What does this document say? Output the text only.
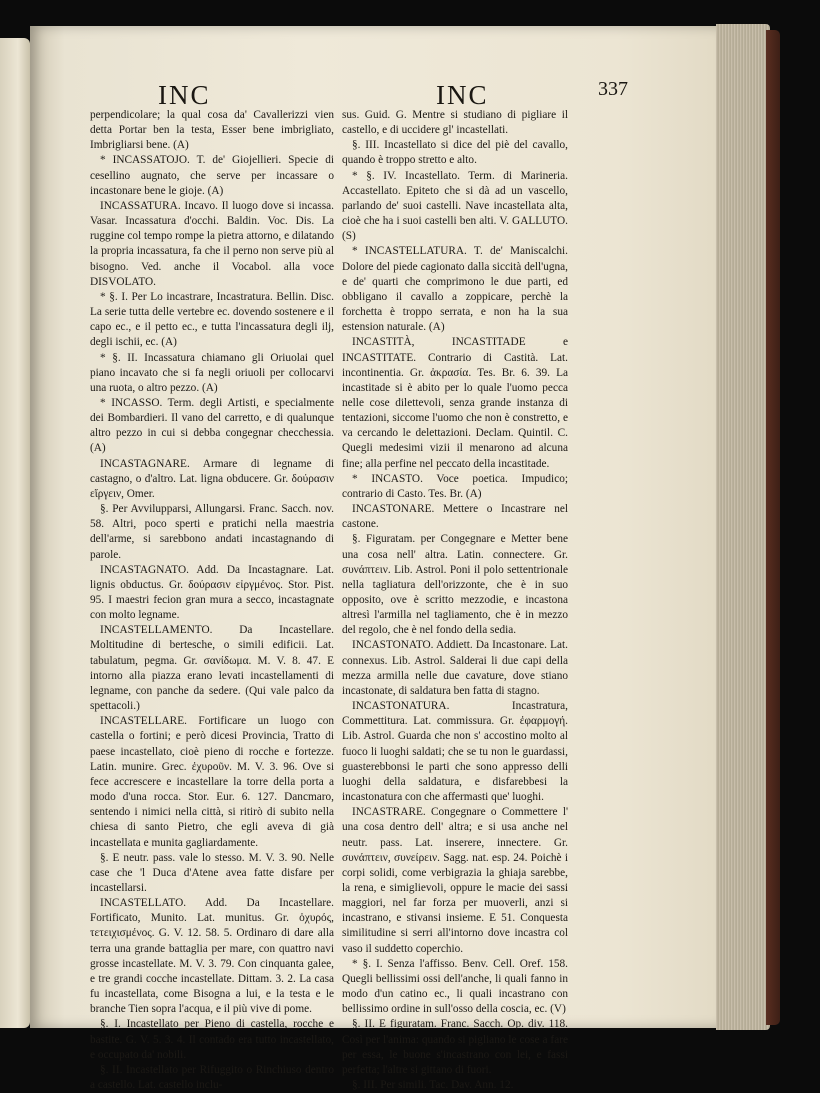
INC	INC	337

perpendicolare; la qual cosa da' Cavallerizzi vien detta Portar ben la testa, Esser bene imbrigliato, Imbrigliarsi bene. (A)

* INCASSATOJO. T. de' Giojellieri. Specie di cesellino augnato, che serve per incassare o incastonare bene le gioje. (A)

INCASSATURA. Incavo. Il luogo dove si incassa. Vasar. Incassatura d'occhi. Baldin. Voc. Dis. La ruggine col tempo rompe la pietra attorno, e dilatando la propria incassatura, fa che il perno non serve più al bisogno. Ved. anche il Vocabol. alla voce DISVOLATO.

* §. I. Per Lo incastrare, Incastratura. Bellin. Disc. La serie tutta delle vertebre ec. dovendo sostenere e il capo ec., e il petto ec., e tutta l'incassatura degli ilj, degli ischii, ec. (A)

* §. II. Incassatura chiamano gli Oriuolai quel piano incavato che si fa negli oriuoli per collocarvi una ruota, o altro pezzo. (A)

* INCASSO. Term. degli Artisti, e specialmente dei Bombardieri. Il vano del carretto, e di qualunque altro pezzo in cui si debba congegnar checchessia. (A)

INCASTAGNARE. Armare di legname di castagno, o d'altro. Lat. ligna obducere. Gr. δούρασιν εἴργειν, Omer.

§. Per Avvilupparsi, Allungarsi. Franc. Sacch. nov. 58. Altri, poco sperti e pratichi nella maestria dell'arme, si sarebbono andati incastagnando di parole.

INCASTAGNATO. Add. Da Incastagnare. Lat. lignis obductus. Gr. δούρασιν εἰργμένος. Stor. Pist. 95. I maestri fecion gran mura a secco, incastagnate con molto legname.

INCASTELLAMENTO. Da Incastellare. Moltitudine di bertesche, o simili edificii. Lat. tabulatum, pegma. Gr. σανίδωμα. M. V. 8. 47. E intorno alla piazza erano levati incastellamenti di legname, con panche da sedere. (Qui vale palco da spettacoli.)

INCASTELLARE. Fortificare un luogo con castella o fortini; e però dicesi Provincia, Tratto di paese incastellato, cioè pieno di rocche e fortezze. Latin. munire. Grec. ἐχυροῦν. M. V. 3. 96. Ove si fece accrescere e incastellare la torre della porta a modo d'una rocca. Stor. Eur. 6. 127. Dancmaro, sentendo i nimici nella città, si ritirò di subito nella chiesa di santo Pietro, che egli aveva di già incastellata e munita gagliardamente.

§. E neutr. pass. vale lo stesso. M. V. 3. 90. Nelle case che 'l Duca d'Atene avea fatte disfare per incastellarsi.

INCASTELLATO. Add. Da Incastellare. Fortificato, Munito. Lat. munitus. Gr. ὀχυρός, τετειχισμένος. G. V. 12. 58. 5. Ordinaro di dare alla terra una grande battaglia per mare, con quattro navi grosse incastellate. M. V. 3. 79. Con cinquanta galee, e tre grandi cocche incastellate. Dittam. 3. 2. La casa fu incastellata, come Bisogna a lui, e la testa e le branche Tien sopra l'acqua, e il più vive di pome.

§. I. Incastellato per Pieno di castella, rocche e bastite. G. V. 5. 3. 4. Il contado era tutto incastellato, e occupato da' nobili.

§. II. Incastellato per Rifuggito o Rinchiuso dentro a castello. Lat. castello inclu-

sus. Guid. G. Mentre si studiano di pigliare il castello, e di uccidere gl' incastellati.

§. III. Incastellato si dice del piè del cavallo, quando è troppo stretto e alto.

* §. IV. Incastellato. Term. di Marineria. Accastellato. Epiteto che si dà ad un vascello, parlando de' suoi castelli. Nave incastellata alta, cioè che ha i suoi castelli ben alti. V. GALLUTO. (S)

* INCASTELLATURA. T. de' Maniscalchi. Dolore del piede cagionato dalla siccità dell'ugna, e de' quarti che comprimono le due parti, ed obbligano il cavallo a zoppicare, perchè la forchetta è troppo serrata, e non ha la sua estension naturale. (A)

INCASTITÀ, INCASTITADE e INCASTITATE. Contrario di Castità. Lat. incontinentia. Gr. ἀκρασία. Tes. Br. 6. 39. La incastitade si è abito per lo quale l'uomo pecca nelle cose dilettevoli, senza grande instanza di tentazioni, siccome l'uomo che non è constretto, e va cercando le delettazioni. Declam. Quintil. C. Quegli medesimi vizii il menarono ad alcuna fine; alla perfine nel peccato della incastitade.

* INCASTO. Voce poetica. Impudico; contrario di Casto. Tes. Br. (A)

INCASTONARE. Mettere o Incastrare nel castone.

§. Figuratam. per Congegnare e Metter bene una cosa nell' altra. Latin. connectere. Gr. συνάπτειν. Lib. Astrol. Poni il polo settentrionale nella tagliatura dell'orizzonte, che è in suo opposito, ove è scritto mezzodie, e incastona altresì l'armilla nel tagliamento, che è in mezzo del regolo, che è nel fondo della sedia.

INCASTONATO. Addiett. Da Incastonare. Lat. connexus. Lib. Astrol. Salderai li due capi della mezza armilla nelle due cavature, dove stiano incastonate, di saldatura ben fatta di stagno.

INCASTONATURA. Incastratura, Commettitura. Lat. commissura. Gr. ἐφαρμογή. Lib. Astrol. Guarda che non s' accostino molto al fuoco li luoghi saldati; che se tu non le guardassi, guasterebbonsi le parti che sono appresso delli luoghi della saldatura, e disfarebbesi la incastonatura con che affermasti que' luoghi.

INCASTRARE. Congegnare o Commettere l' una cosa dentro dell' altra; e si usa anche nel neutr. pass. Lat. inserere, innectere. Gr. συνάπτειν, συνείρειν. Sagg. nat. esp. 24. Poichè i corpi solidi, come verbigrazia la ghiaja sarebbe, la rena, e simiglievoli, oppure le macie dei sassi maggiori, nel far forza per muoverli, anzi si incastrano, e stivansi insieme. E 51. Conquesta similitudine si serri all'intorno dove incastra col vaso il suddetto coperchio.

* §. I. Senza l'affisso. Benv. Cell. Oref. 158. Quegli bellissimi ossi dell'anche, li quali fanno in modo d'un catino ec., li quali incastrano con bellissimo ordine in sull'osso della coscia, ec. (V)

§. II. E figuratam. Franc. Sacch. Op. div. 118. Così per l'anima: quando si pigliano le cose a fare per essa, le buone s'incastrano con lei, e fassi perfetta; l'altre si gittano di fuori.

§. III. Per simili. Tac. Dav. Ann. 12.
